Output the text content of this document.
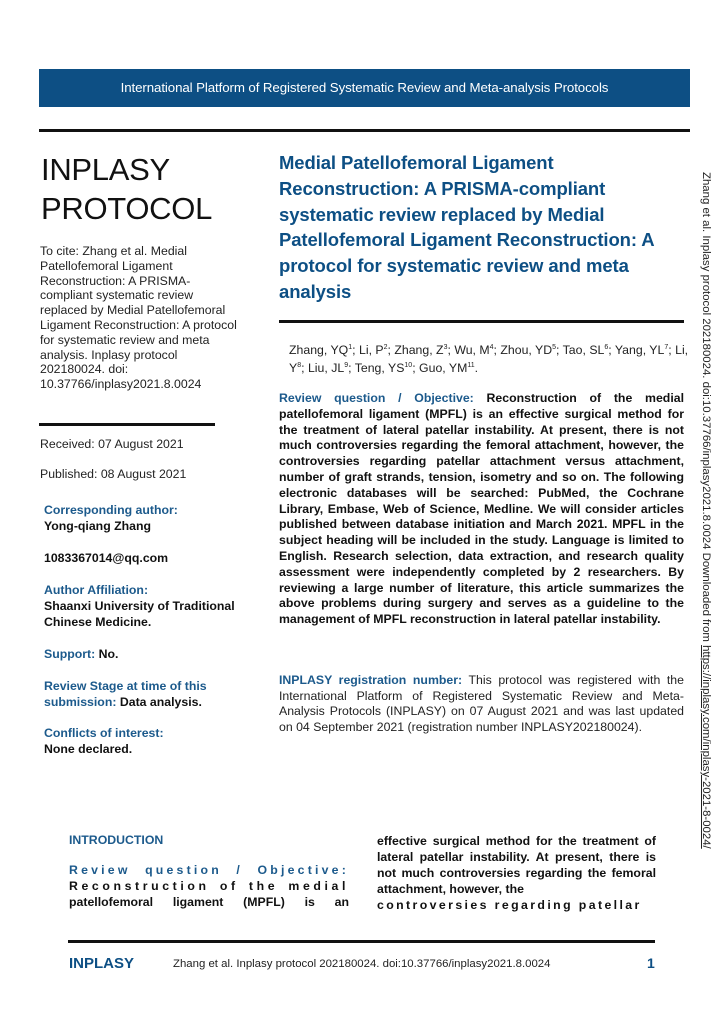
International Platform of Registered Systematic Review and Meta-analysis Protocols
INPLASY
PROTOCOL
To cite: Zhang et al. Medial Patellofemoral Ligament Reconstruction: A PRISMA-compliant systematic review replaced by Medial Patellofemoral Ligament Reconstruction: A protocol for systematic review and meta analysis. Inplasy protocol 202180024. doi: 10.37766/inplasy2021.8.0024
Received: 07 August 2021
Published: 08 August 2021
Corresponding author:
Yong-qiang Zhang
1083367014@qq.com
Author Affiliation:
Shaanxi University of Traditional Chinese Medicine.
Support: No.
Review Stage at time of this submission: Data analysis.
Conflicts of interest:
None declared.
Medial Patellofemoral Ligament Reconstruction: A PRISMA-compliant systematic review replaced by Medial Patellofemoral Ligament Reconstruction: A protocol for systematic review and meta analysis
Zhang, $YQ^1$; Li, $P^2$; Zhang, $Z^3$; Wu, $M^4$; Zhou, $YD^5$; Tao, $SL^6$; Yang, $YL^7$; Li, $Y^8$; Liu, $JL^9$; Teng, YS$^{10}$; Guo, YM$^{11}$.
Review question / Objective: Reconstruction of the medial patellofemoral ligament (MPFL) is an effective surgical method for the treatment of lateral patellar instability. At present, there is not much controversies regarding the femoral attachment, however, the controversies regarding patellar attachment versus attachment, number of graft strands, tension, isometry and so on. The following electronic databases will be searched: PubMed, the Cochrane Library, Embase, Web of Science, Medline. We will consider articles published between database initiation and March 2021. MPFL in the subject heading will be included in the study. Language is limited to English. Research selection, data extraction, and research quality assessment were independently completed by 2 researchers. By reviewing a large number of literature, this article summarizes the above problems during surgery and serves as a guideline to the management of MPFL reconstruction in lateral patellar instability.
INPLASY registration number: This protocol was registered with the International Platform of Registered Systematic Review and Meta-Analysis Protocols (INPLASY) on 07 August 2021 and was last updated on 04 September 2021 (registration number INPLASY202180024).
Zhang et al. Inplasy protocol 202180024. doi:10.37766/inplasy2021.8.0024 Downloaded from https://inplasy.com/inplasy-2021-8-0024/
INTRODUCTION
Review question / Objective:
Reconstruction of the medial
patellofemoral ligament (MPFL) is an
effective surgical method for the treatment of lateral patellar instability. At present, there is not much controversies regarding the femoral attachment, however, the
controversies regarding patellar
INPLASY	Zhang et al. Inplasy protocol 202180024. doi:10.37766/inplasy2021.8.0024	1
